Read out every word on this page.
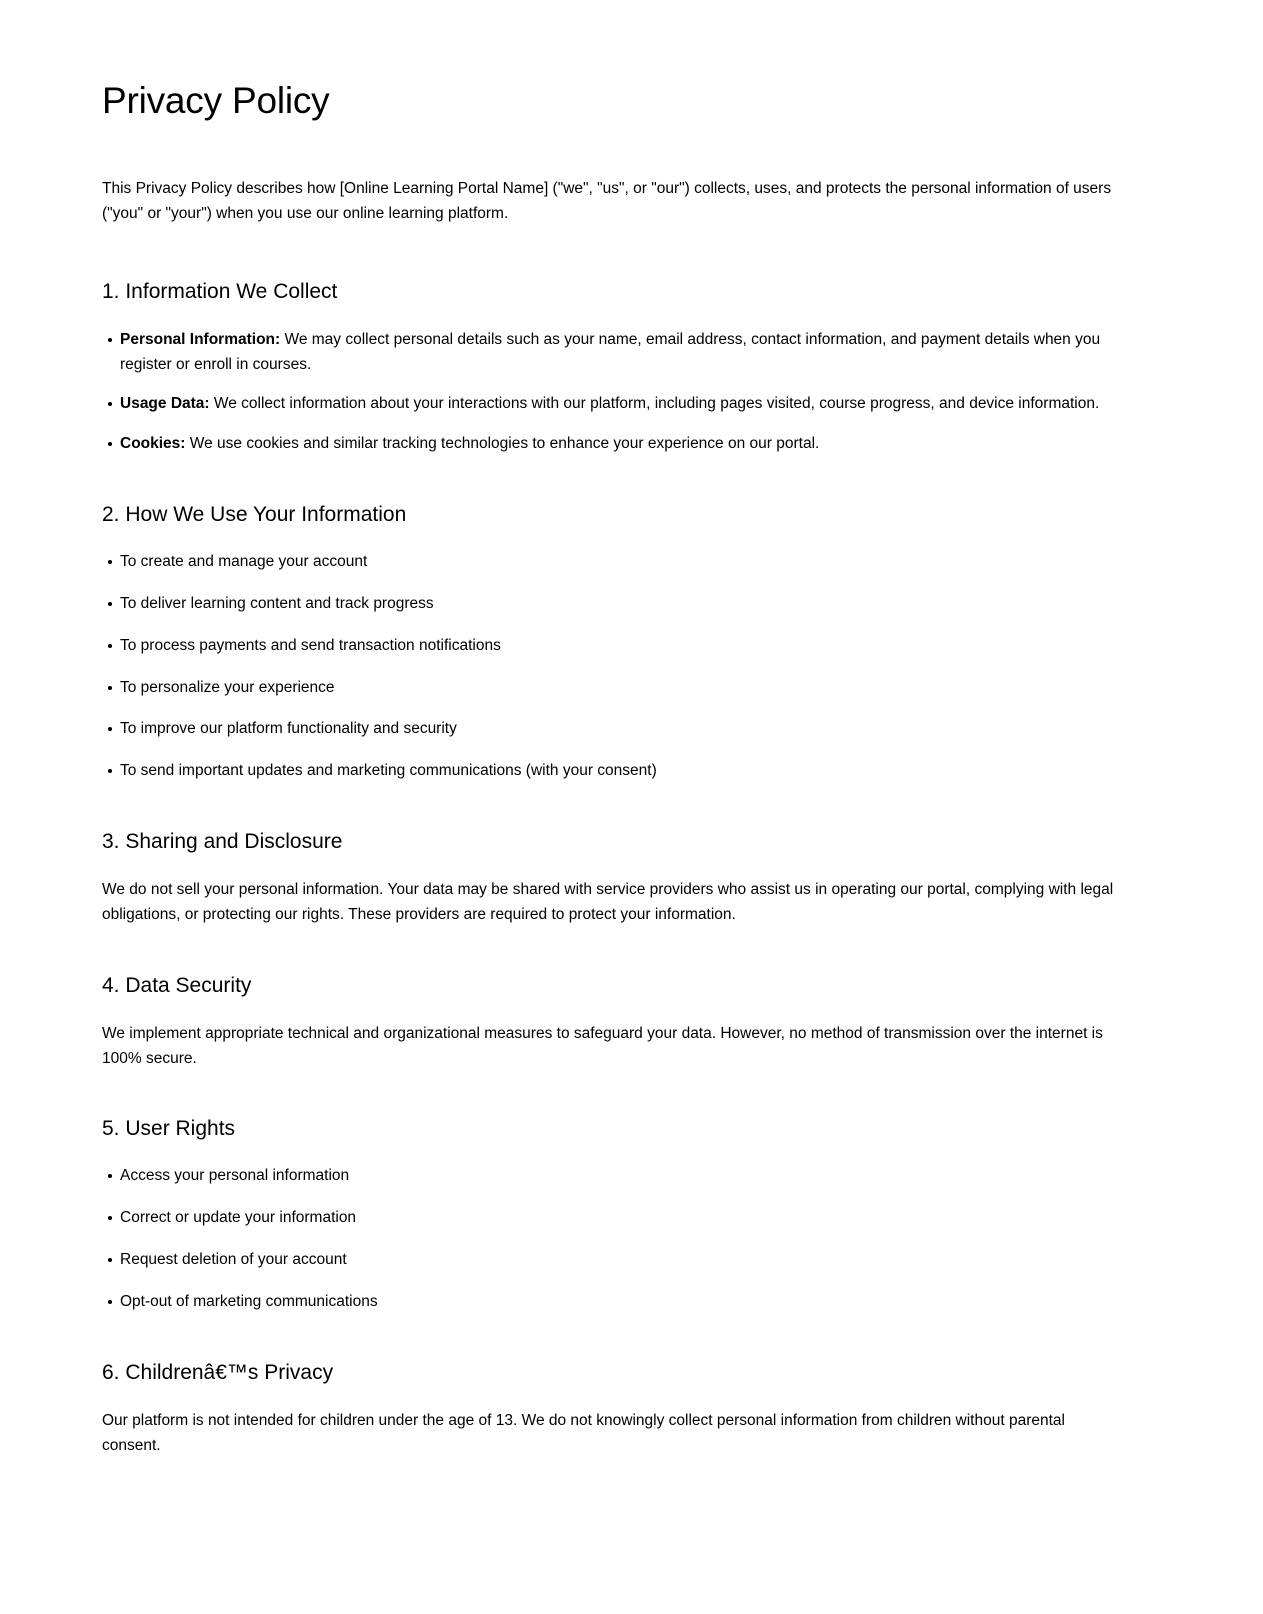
Privacy Policy

This Privacy Policy describes how [Online Learning Portal Name] ("we", "us", or "our") collects, uses, and protects the personal information of users ("you" or "your") when you use our online learning platform.

1. Information We Collect
Personal Information: We may collect personal details such as your name, email address, contact information, and payment details when you register or enroll in courses.
Usage Data: We collect information about your interactions with our platform, including pages visited, course progress, and device information.
Cookies: We use cookies and similar tracking technologies to enhance your experience on our portal.
2. How We Use Your Information
To create and manage your account
To deliver learning content and track progress
To process payments and send transaction notifications
To personalize your experience
To improve our platform functionality and security
To send important updates and marketing communications (with your consent)
3. Sharing and Disclosure

We do not sell your personal information. Your data may be shared with service providers who assist us in operating our portal, complying with legal obligations, or protecting our rights. These providers are required to protect your information.

4. Data Security

We implement appropriate technical and organizational measures to safeguard your data. However, no method of transmission over the internet is 100% secure.

5. User Rights
Access your personal information
Correct or update your information
Request deletion of your account
Opt-out of marketing communications
6. Childrenâ€™s Privacy

Our platform is not intended for children under the age of 13. We do not knowingly collect personal information from children without parental consent.
